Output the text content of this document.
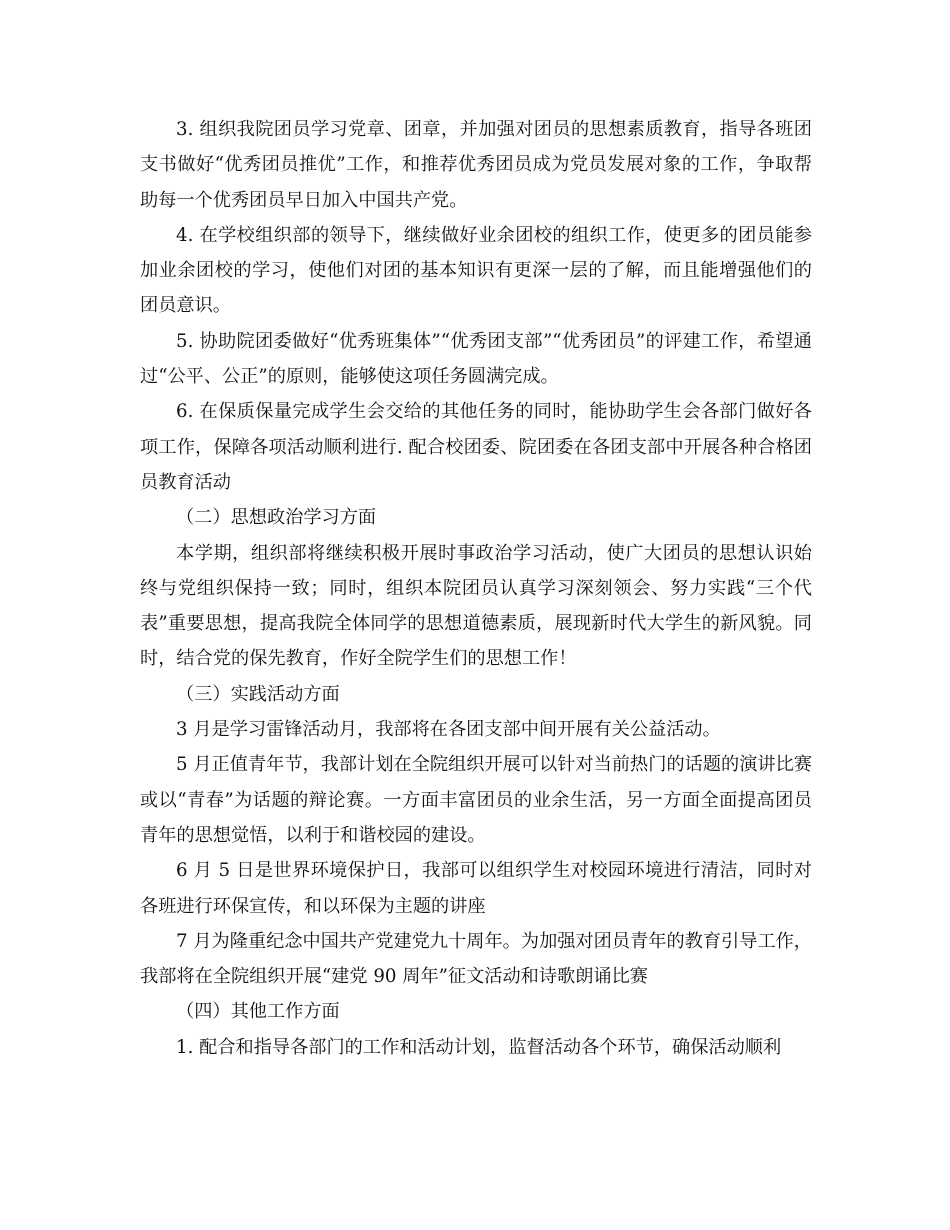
3. 组织我院团员学习党章、团章，并加强对团员的思想素质教育，指导各班团支书做好“优秀团员推优”工作，和推荐优秀团员成为党员发展对象的工作，争取帮助每一个优秀团员早日加入中国共产党。

4. 在学校组织部的领导下，继续做好业余团校的组织工作，使更多的团员能参加业余团校的学习，使他们对团的基本知识有更深一层的了解，而且能增强他们的团员意识。

5. 协助院团委做好“优秀班集体”“优秀团支部”“优秀团员”的评建工作，希望通过“公平、公正”的原则，能够使这项任务圆满完成。

6. 在保质保量完成学生会交给的其他任务的同时，能协助学生会各部门做好各项工作，保障各项活动顺利进行. 配合校团委、院团委在各团支部中开展各种合格团员教育活动

（二）思想政治学习方面

本学期，组织部将继续积极开展时事政治学习活动，使广大团员的思想认识始终与党组织保持一致；同时，组织本院团员认真学习深刻领会、努力实践“三个代表”重要思想，提高我院全体同学的思想道德素质，展现新时代大学生的新风貌。同时，结合党的保先教育，作好全院学生们的思想工作！

（三）实践活动方面

3 月是学习雷锋活动月，我部将在各团支部中间开展有关公益活动。

5 月正值青年节，我部计划在全院组织开展可以针对当前热门的话题的演讲比赛或以“青春”为话题的辩论赛。一方面丰富团员的业余生活，另一方面全面提高团员青年的思想觉悟，以利于和谐校园的建设。

6 月 5 日是世界环境保护日，我部可以组织学生对校园环境进行清洁，同时对各班进行环保宣传，和以环保为主题的讲座

7 月为隆重纪念中国共产党建党九十周年。为加强对团员青年的教育引导工作，我部将在全院组织开展“建党 90 周年”征文活动和诗歌朗诵比赛

（四）其他工作方面

1. 配合和指导各部门的工作和活动计划，监督活动各个环节，确保活动顺利
